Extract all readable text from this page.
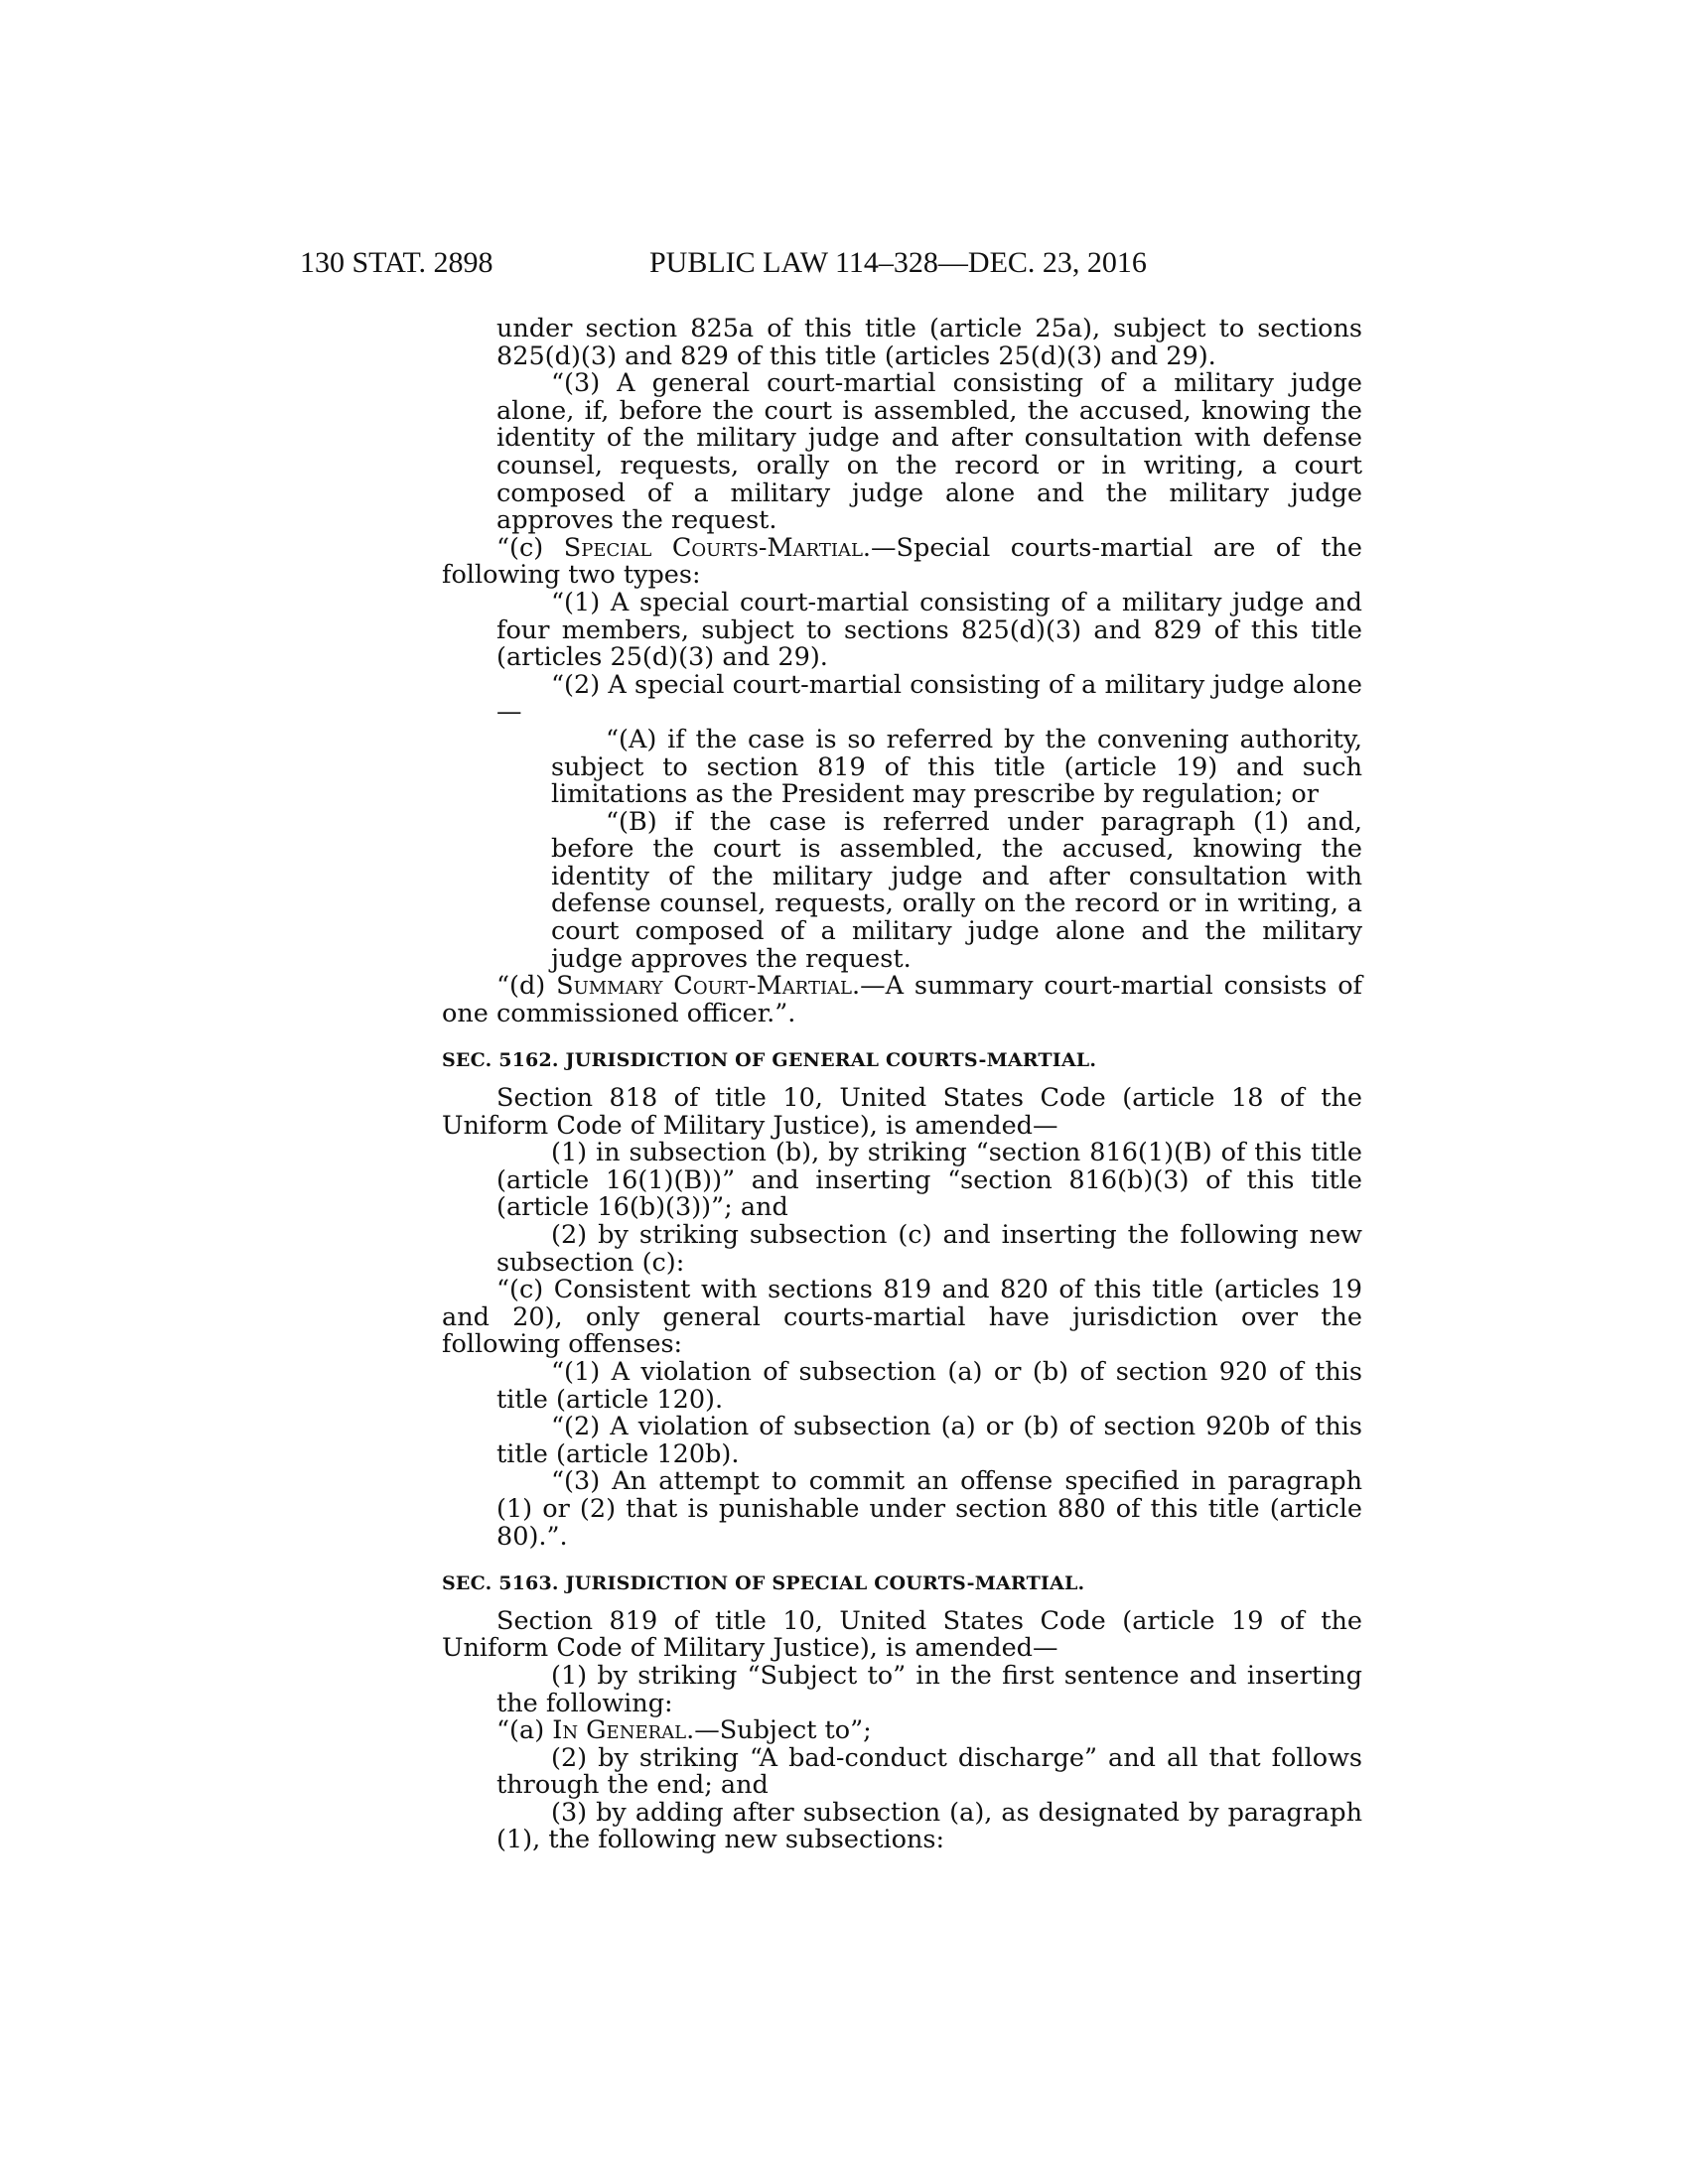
130 STAT. 2898	PUBLIC LAW 114–328—DEC. 23, 2016

under section 825a of this title (article 25a), subject to sections 825(d)(3) and 829 of this title (articles 25(d)(3) and 29).

“(3) A general court-martial consisting of a military judge alone, if, before the court is assembled, the accused, knowing the identity of the military judge and after consultation with defense counsel, requests, orally on the record or in writing, a court composed of a military judge alone and the military judge approves the request.

“(c) Special Courts-Martial.—Special courts-martial are of the following two types:

“(1) A special court-martial consisting of a military judge and four members, subject to sections 825(d)(3) and 829 of this title (articles 25(d)(3) and 29).

“(2) A special court-martial consisting of a military judge alone—

“(A) if the case is so referred by the convening authority, subject to section 819 of this title (article 19) and such limitations as the President may prescribe by regulation; or

“(B) if the case is referred under paragraph (1) and, before the court is assembled, the accused, knowing the identity of the military judge and after consultation with defense counsel, requests, orally on the record or in writing, a court composed of a military judge alone and the military judge approves the request.

“(d) Summary Court-Martial.—A summary court-martial consists of one commissioned officer.”.

SEC. 5162. JURISDICTION OF GENERAL COURTS-MARTIAL.

Section 818 of title 10, United States Code (article 18 of the Uniform Code of Military Justice), is amended—

(1) in subsection (b), by striking “section 816(1)(B) of this title (article 16(1)(B))” and inserting “section 816(b)(3) of this title (article 16(b)(3))”; and

(2) by striking subsection (c) and inserting the following new subsection (c):

“(c) Consistent with sections 819 and 820 of this title (articles 19 and 20), only general courts-martial have jurisdiction over the following offenses:

“(1) A violation of subsection (a) or (b) of section 920 of this title (article 120).

“(2) A violation of subsection (a) or (b) of section 920b of this title (article 120b).

“(3) An attempt to commit an offense specified in paragraph (1) or (2) that is punishable under section 880 of this title (article 80).”.

SEC. 5163. JURISDICTION OF SPECIAL COURTS-MARTIAL.

Section 819 of title 10, United States Code (article 19 of the Uniform Code of Military Justice), is amended—

(1) by striking “Subject to” in the first sentence and inserting the following:

“(a) In General.—Subject to”;

(2) by striking “A bad-conduct discharge” and all that follows through the end; and

(3) by adding after subsection (a), as designated by paragraph (1), the following new subsections:
